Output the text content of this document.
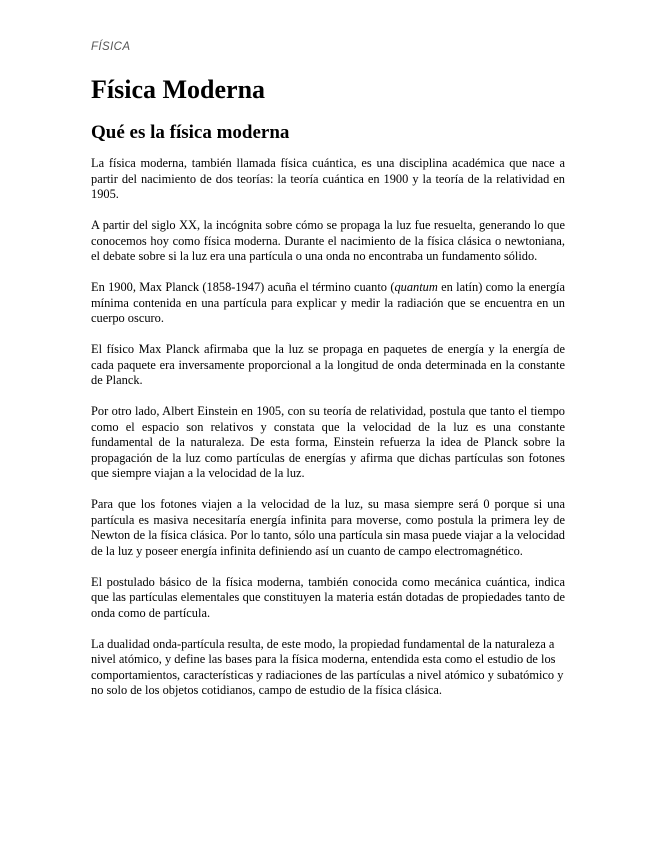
FÍSICA
Física Moderna
Qué es la física moderna

La física moderna, también llamada física cuántica, es una disciplina académica que nace a partir del nacimiento de dos teorías: la teoría cuántica en 1900 y la teoría de la relatividad en 1905.

A partir del siglo XX, la incógnita sobre cómo se propaga la luz fue resuelta, generando lo que conocemos hoy como física moderna. Durante el nacimiento de la física clásica o newtoniana, el debate sobre si la luz era una partícula o una onda no encontraba un fundamento sólido.

En 1900, Max Planck (1858-1947) acuña el término cuanto (quantum en latín) como la energía mínima contenida en una partícula para explicar y medir la radiación que se encuentra en un cuerpo oscuro.

El físico Max Planck afirmaba que la luz se propaga en paquetes de energía y la energía de cada paquete era inversamente proporcional a la longitud de onda determinada en la constante de Planck.

Por otro lado, Albert Einstein en 1905, con su teoría de relatividad, postula que tanto el tiempo como el espacio son relativos y constata que la velocidad de la luz es una constante fundamental de la naturaleza. De esta forma, Einstein refuerza la idea de Planck sobre la propagación de la luz como partículas de energías y afirma que dichas partículas son fotones que siempre viajan a la velocidad de la luz.

Para que los fotones viajen a la velocidad de la luz, su masa siempre será 0 porque si una partícula es masiva necesitaría energía infinita para moverse, como postula la primera ley de Newton de la física clásica. Por lo tanto, sólo una partícula sin masa puede viajar a la velocidad de la luz y poseer energía infinita definiendo así un cuanto de campo electromagnético.

El postulado básico de la física moderna, también conocida como mecánica cuántica, indica que las partículas elementales que constituyen la materia están dotadas de propiedades tanto de onda como de partícula.

La dualidad onda-partícula resulta, de este modo, la propiedad fundamental de la naturaleza a nivel atómico, y define las bases para la física moderna, entendida esta como el estudio de los comportamientos, características y radiaciones de las partículas a nivel atómico y subatómico y no solo de los objetos cotidianos, campo de estudio de la física clásica.
